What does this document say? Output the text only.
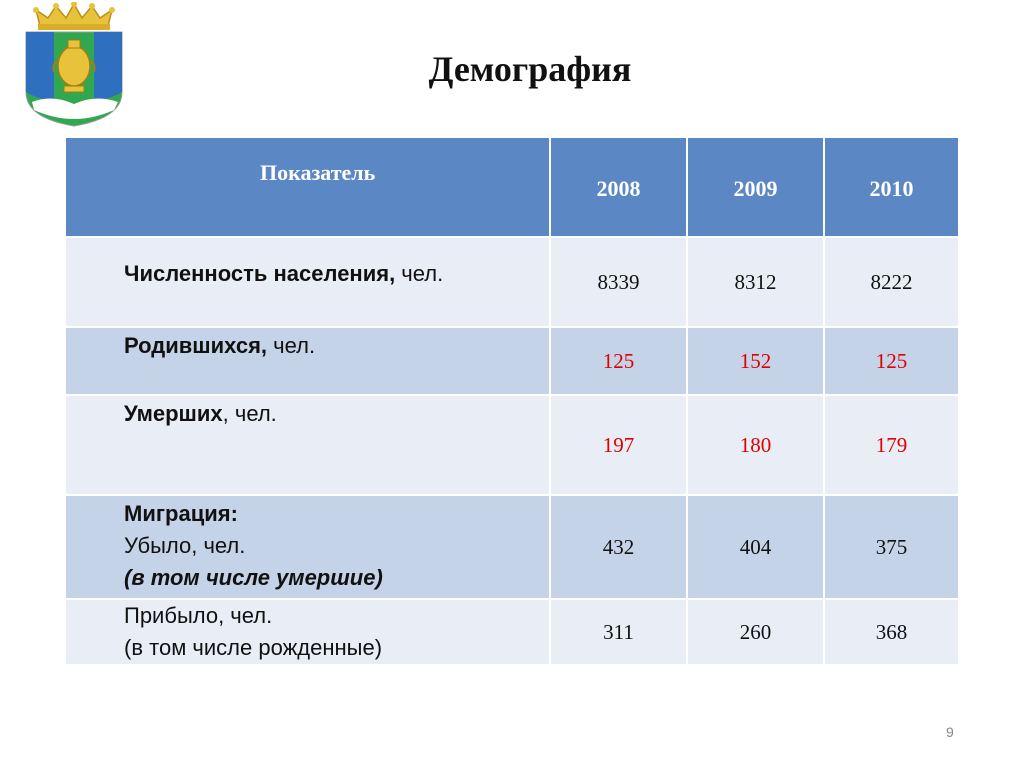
Демография
Показатель	2008	2009	2010
Численность населения, чел.	8339	8312	8222
Родившихся, чел.	125	152	125
Умерших, чел.	197	180	179

Миграция:
Убыло, чел.
(в том числе умершие)	432	404	375

Прибыло, чел.
(в том числе рожденные)	311	260	368
9
